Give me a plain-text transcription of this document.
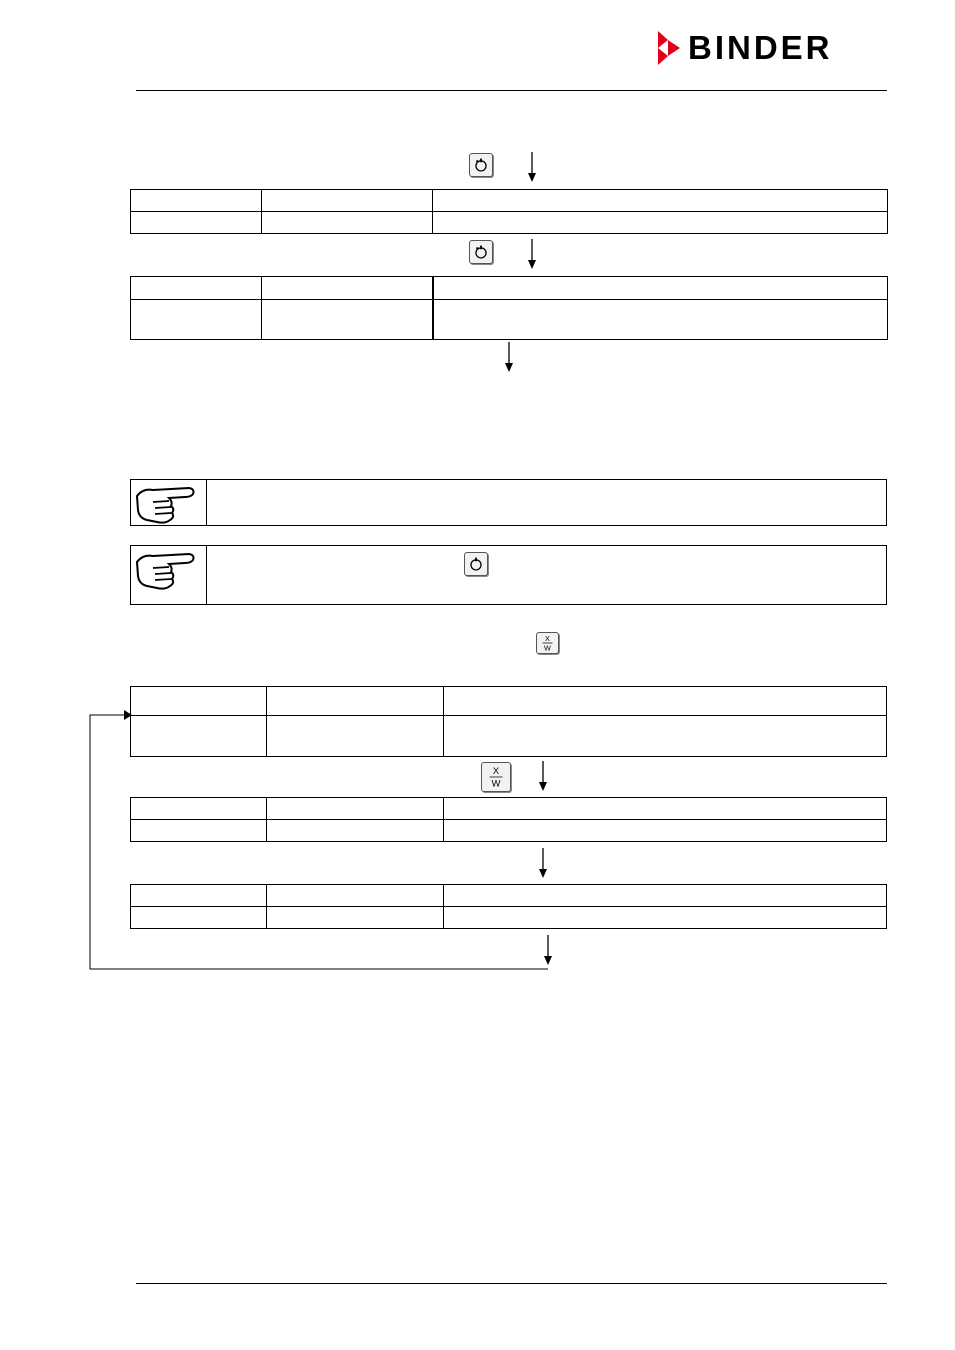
BINDER

X
W

X
W
